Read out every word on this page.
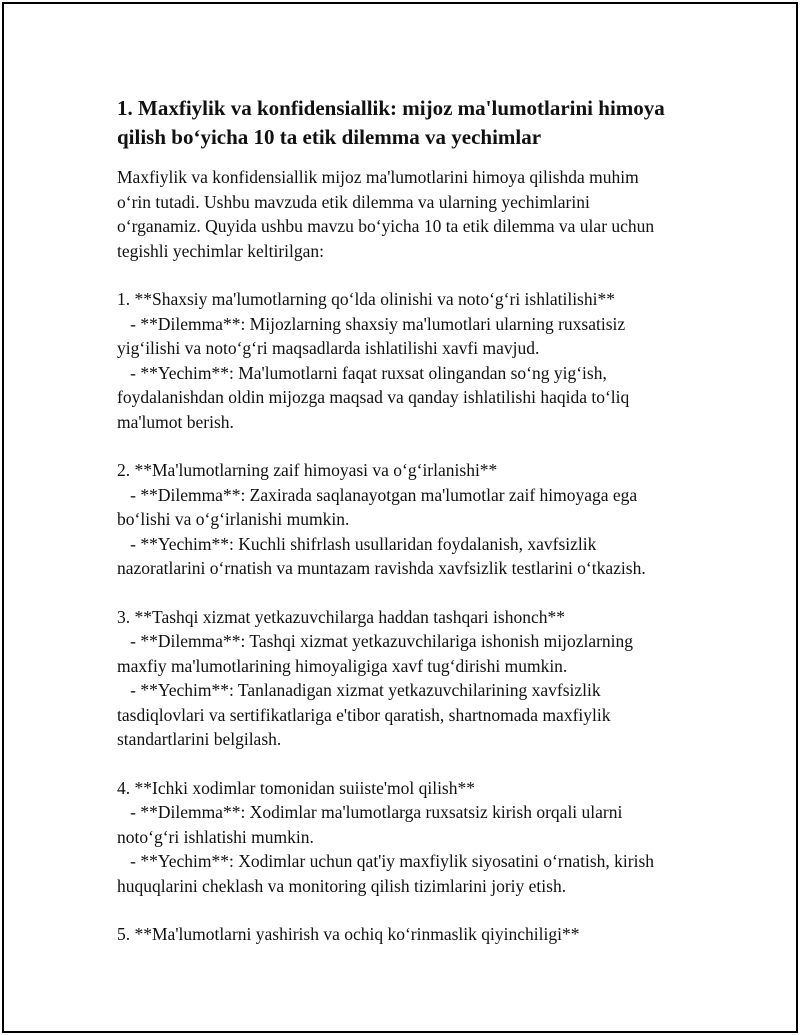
1. Maxfiylik va konfidensiallik: mijoz ma'lumotlarini himoya
qilish bo‘yicha 10 ta etik dilemma va yechimlar

Maxfiylik va konfidensiallik mijoz ma'lumotlarini himoya qilishda muhim
o‘rin tutadi. Ushbu mavzuda etik dilemma va ularning yechimlarini
o‘rganamiz. Quyida ushbu mavzu bo‘yicha 10 ta etik dilemma va ular uchun
tegishli yechimlar keltirilgan:

1. **Shaxsiy ma'lumotlarning qo‘lda olinishi va noto‘g‘ri ishlatilishi**
- **Dilemma**: Mijozlarning shaxsiy ma'lumotlari ularning ruxsatisiz
yig‘ilishi va noto‘g‘ri maqsadlarda ishlatilishi xavfi mavjud.
- **Yechim**: Ma'lumotlarni faqat ruxsat olingandan so‘ng yig‘ish,
foydalanishdan oldin mijozga maqsad va qanday ishlatilishi haqida to‘liq
ma'lumot berish.

2. **Ma'lumotlarning zaif himoyasi va o‘g‘irlanishi**
- **Dilemma**: Zaxirada saqlanayotgan ma'lumotlar zaif himoyaga ega
bo‘lishi va o‘g‘irlanishi mumkin.
- **Yechim**: Kuchli shifrlash usullaridan foydalanish, xavfsizlik
nazoratlarini o‘rnatish va muntazam ravishda xavfsizlik testlarini o‘tkazish.

3. **Tashqi xizmat yetkazuvchilarga haddan tashqari ishonch**
- **Dilemma**: Tashqi xizmat yetkazuvchilariga ishonish mijozlarning
maxfiy ma'lumotlarining himoyaligiga xavf tug‘dirishi mumkin.
- **Yechim**: Tanlanadigan xizmat yetkazuvchilarining xavfsizlik
tasdiqlovlari va sertifikatlariga e'tibor qaratish, shartnomada maxfiylik
standartlarini belgilash.

4. **Ichki xodimlar tomonidan suiiste'mol qilish**
- **Dilemma**: Xodimlar ma'lumotlarga ruxsatsiz kirish orqali ularni
noto‘g‘ri ishlatishi mumkin.
- **Yechim**: Xodimlar uchun qat'iy maxfiylik siyosatini o‘rnatish, kirish
huquqlarini cheklash va monitoring qilish tizimlarini joriy etish.

5. **Ma'lumotlarni yashirish va ochiq ko‘rinmaslik qiyinchiligi**
